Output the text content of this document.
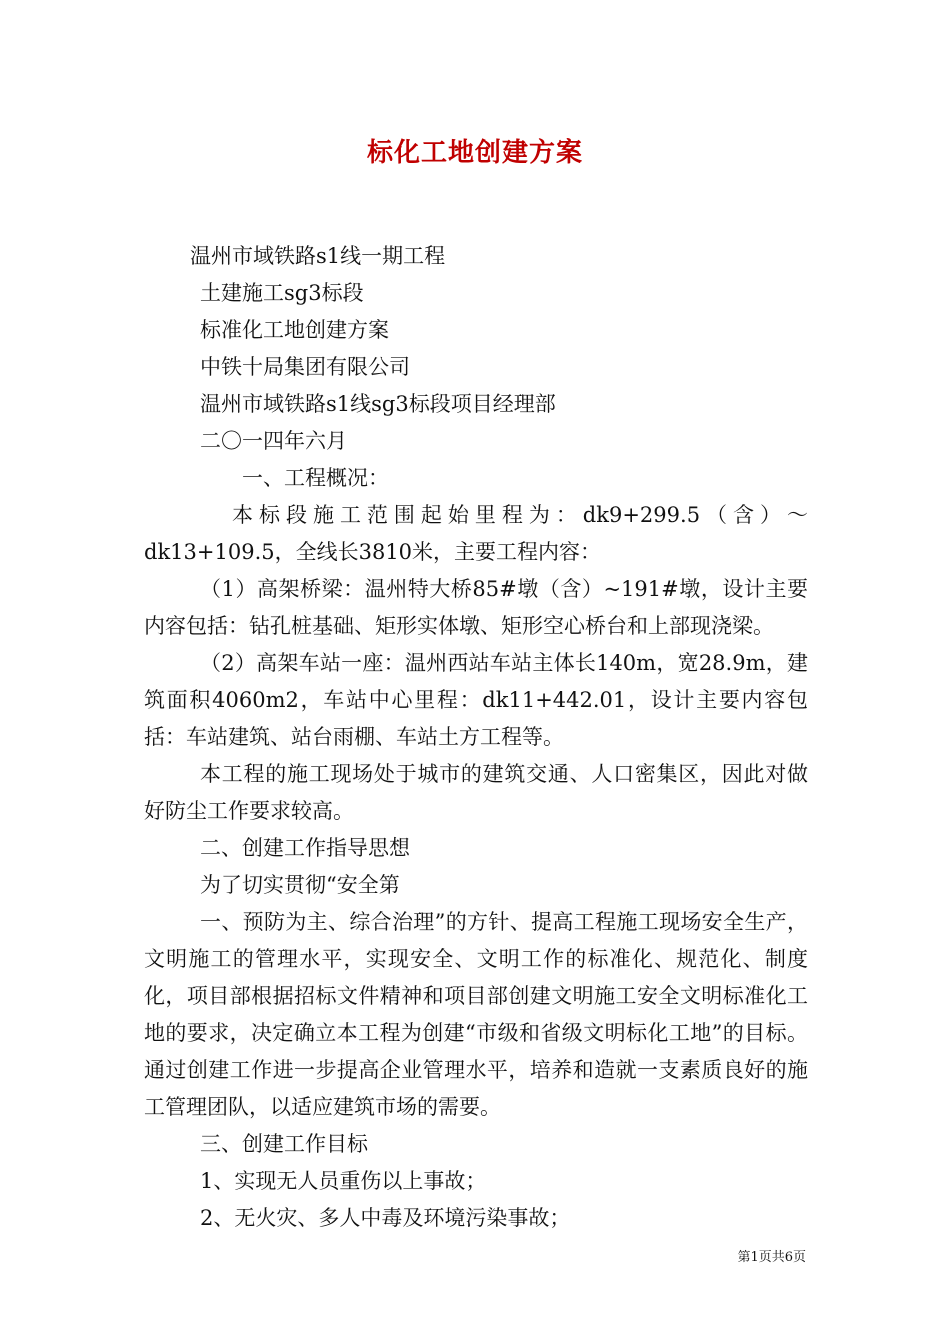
标化工地创建方案
温州市域铁路s1线一期工程
土建施工sg3标段
标准化工地创建方案
中铁十局集团有限公司
温州市域铁路s1线sg3标段项目经理部
二〇一四年六月
一、工程概况：
本标段施工范围起始里程为：dk9+299.5（含）～dk13+109.5，全线长3810米，主要工程内容：
（1）高架桥梁：温州特大桥85#墩（含）~191#墩，设计主要内容包括：钻孔桩基础、矩形实体墩、矩形空心桥台和上部现浇梁。
（2）高架车站一座：温州西站车站主体长140m，宽28.9m，建筑面积4060m2，车站中心里程：dk11+442.01，设计主要内容包括：车站建筑、站台雨棚、车站土方工程等。
本工程的施工现场处于城市的建筑交通、人口密集区，因此对做好防尘工作要求较高。
二、创建工作指导思想
为了切实贯彻“安全第
一、预防为主、综合治理”的方针、提高工程施工现场安全生产，文明施工的管理水平，实现安全、文明工作的标准化、规范化、制度化，项目部根据招标文件精神和项目部创建文明施工安全文明标准化工地的要求，决定确立本工程为创建“市级和省级文明标化工地”的目标。通过创建工作进一步提高企业管理水平，培养和造就一支素质良好的施工管理团队，以适应建筑市场的需要。
三、创建工作目标
1、实现无人员重伤以上事故；
2、无火灾、多人中毒及环境污染事故；
第1页共6页
